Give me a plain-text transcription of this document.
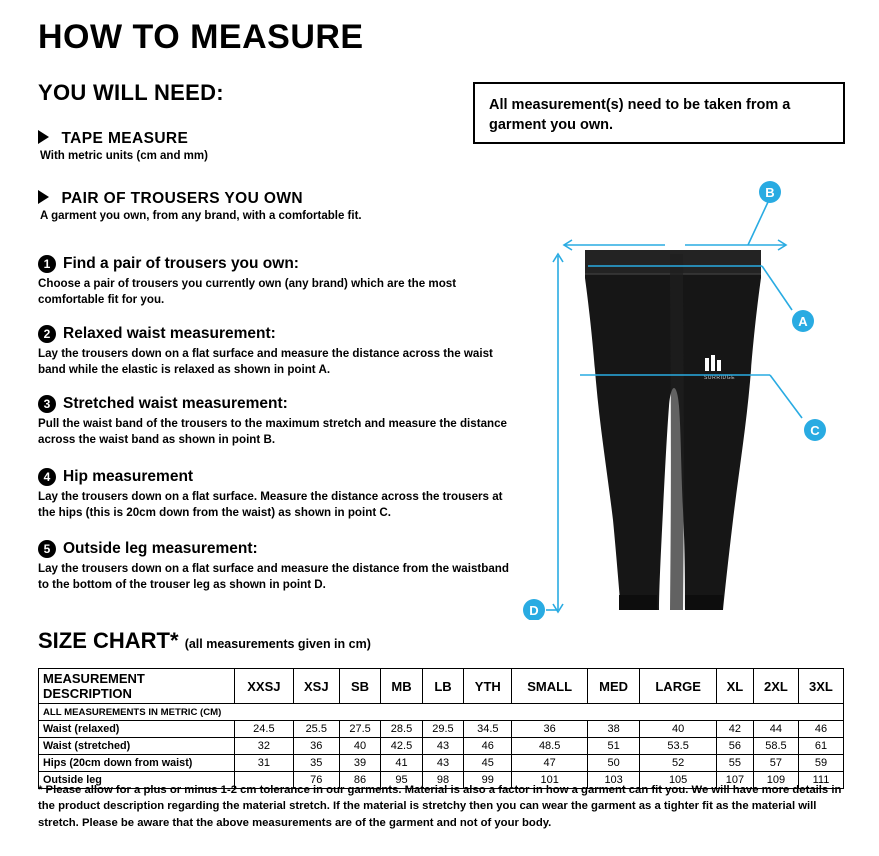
HOW TO MEASURE
YOU WILL NEED:	All measurement(s) need to be taken from a garment you own.
TAPE MEASURE
With metric units (cm and mm)
PAIR OF TROUSERS YOU OWN
A garment you own, from any brand, with a comfortable fit.
1 Find a pair of trousers you own:
Choose a pair of trousers you currently own (any brand) which are the most comfortable fit for you.
2 Relaxed waist measurement:
Lay the trousers down on a flat surface and measure the distance across the waist band while the elastic is relaxed as shown in point A.
3 Stretched waist measurement:
Pull the waist band of the trousers to the maximum stretch and measure the distance across the waist band as shown in point B.
4 Hip measurement
Lay the trousers down on a flat surface. Measure the distance across the trousers at the hips (this is 20cm down from the waist) as shown in point C.
5 Outside leg measurement:
Lay the trousers down on a flat surface and measure the distance from the waistband to the bottom of the trouser leg as shown in point D.
SURRIDGE
B
A
C
D
SIZE CHART* (all measurements given in cm)
MEASUREMENT DESCRIPTION	XXSJ	XSJ	SB	MB	LB	YTH	SMALL	MED	LARGE	XL	2XL	3XL
ALL MEASUREMENTS IN METRIC (CM)												
Waist (relaxed)	24.5	25.5	27.5	28.5	29.5	34.5	36	38	40	42	44	46
Waist (stretched)	32	36	40	42.5	43	46	48.5	51	53.5	56	58.5	61
Hips (20cm down from waist)	31	35	39	41	43	45	47	50	52	55	57	59
Outside leg		76	86	95	98	99	101	103	105	107	109	111
* Please allow for a plus or minus 1-2 cm tolerance in our garments. Material is also a factor in how a garment can fit you. We will have more details in the product description regarding the material stretch. If the material is stretchy then you can wear the garment as a tighter fit as the material will stretch. Please be aware that the above measurements are of the garment and not of your body.
